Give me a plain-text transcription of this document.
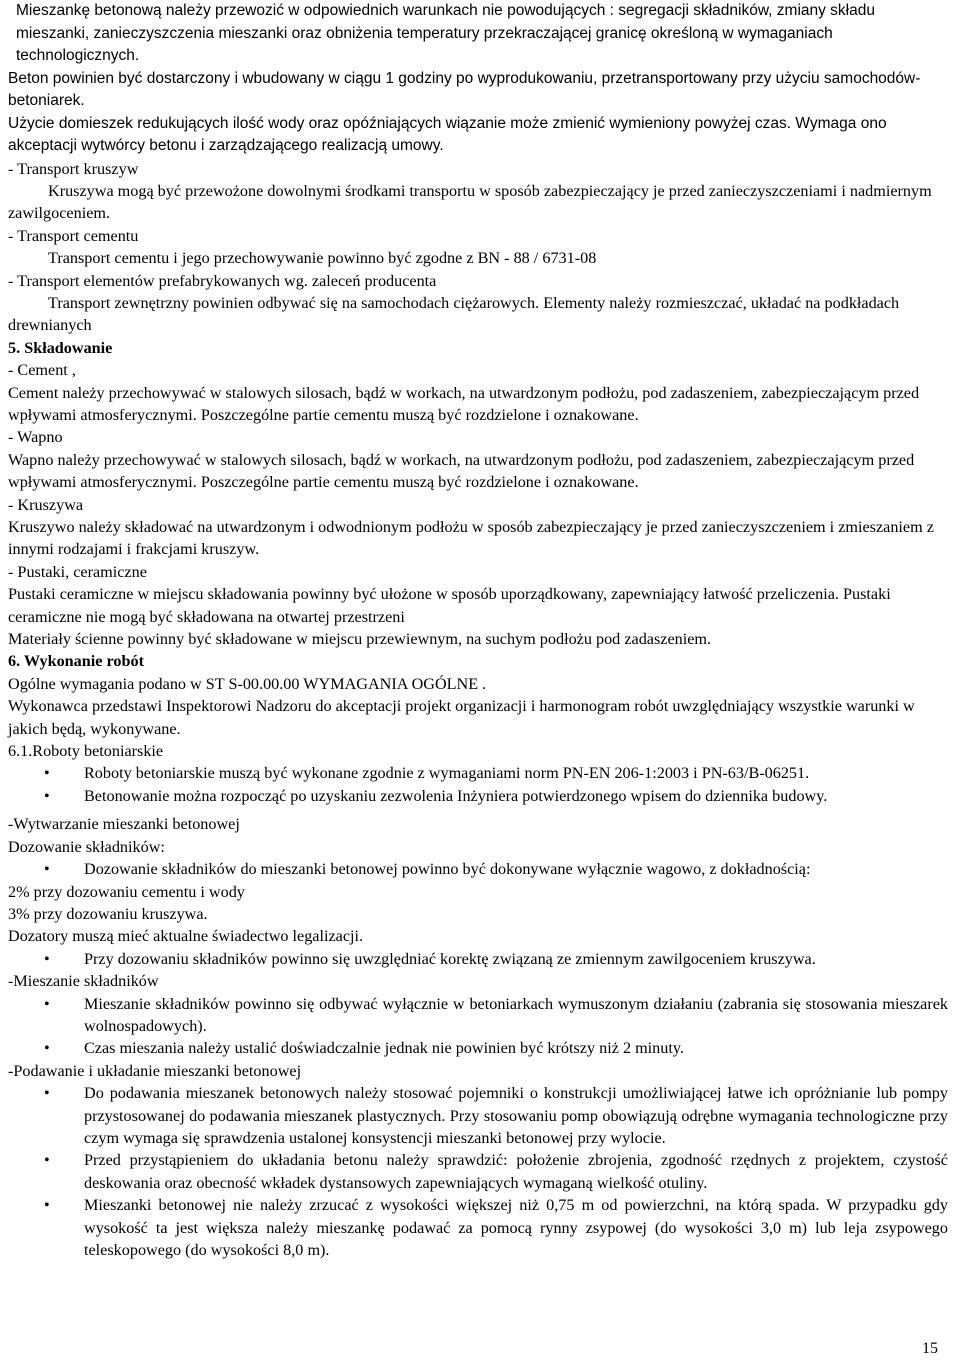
Mieszankę betonową należy przewozić w odpowiednich warunkach nie powodujących : segregacji składników, zmiany składu mieszanki, zanieczyszczenia mieszanki oraz obniżenia temperatury przekraczającej granicę określoną w wymaganiach technologicznych.

Beton powinien być dostarczony i wbudowany w ciągu 1 godziny po wyprodukowaniu, przetransportowany przy użyciu samochodów-betoniarek.

Użycie domieszek redukujących ilość wody oraz opóźniających wiązanie może zmienić wymieniony powyżej czas. Wymaga ono akceptacji wytwórcy betonu i zarządzającego realizacją umowy.

- Transport kruszyw

Kruszywa mogą być przewożone dowolnymi środkami transportu w sposób zabezpieczający je przed zanieczyszczeniami i nadmiernym zawilgoceniem.

- Transport cementu

Transport cementu i jego przechowywanie powinno być zgodne z BN - 88 / 6731-08

- Transport elementów prefabrykowanych wg. zaleceń producenta

Transport zewnętrzny powinien odbywać się na samochodach ciężarowych. Elementy należy rozmieszczać, układać na podkładach drewnianych

5. Składowanie

- Cement ,

Cement należy przechowywać w stalowych silosach, bądź w workach, na utwardzonym podłożu, pod zadaszeniem, zabezpieczającym przed wpływami atmosferycznymi. Poszczególne partie cementu muszą być rozdzielone i oznakowane.

- Wapno

Wapno należy przechowywać w stalowych silosach, bądź w workach, na utwardzonym podłożu, pod zadaszeniem, zabezpieczającym przed wpływami atmosferycznymi. Poszczególne partie cementu muszą być rozdzielone i oznakowane.

- Kruszywa

Kruszywo należy składować na utwardzonym i odwodnionym podłożu w sposób zabezpieczający je przed zanieczyszczeniem i zmieszaniem z innymi rodzajami i frakcjami kruszyw.

- Pustaki, ceramiczne

Pustaki ceramiczne w miejscu składowania powinny być ułożone w sposób uporządkowany, zapewniający łatwość przeliczenia. Pustaki ceramiczne nie mogą być składowana na otwartej przestrzeni

Materiały ścienne powinny być składowane w miejscu przewiewnym, na suchym podłożu pod zadaszeniem.

6. Wykonanie robót

Ogólne wymagania podano w ST S-00.00.00 WYMAGANIA OGÓLNE .

Wykonawca przedstawi Inspektorowi Nadzoru do akceptacji projekt organizacji i harmonogram robót uwzględniający wszystkie warunki w jakich będą, wykonywane.

6.1.Roboty betoniarskie

• Roboty betoniarskie muszą być wykonane zgodnie z wymaganiami norm PN-EN 206-1:2003 i PN-63/B-06251.
• Betonowanie można rozpocząć po uzyskaniu zezwolenia Inżyniera potwierdzonego wpisem do dziennika budowy.

-Wytwarzanie mieszanki betonowej

Dozowanie składników:

• Dozowanie składników do mieszanki betonowej powinno być dokonywane wyłącznie wagowo, z dokładnością:

2% przy dozowaniu cementu i wody

3% przy dozowaniu kruszywa.

Dozatory muszą mieć aktualne świadectwo legalizacji.

• Przy dozowaniu składników powinno się uwzględniać korektę związaną ze zmiennym zawilgoceniem kruszywa.

-Mieszanie składników

• Mieszanie składników powinno się odbywać wyłącznie w betoniarkach wymuszonym działaniu (zabrania się stosowania mieszarek wolnospadowych).
• Czas mieszania należy ustalić doświadczalnie jednak nie powinien być krótszy niż 2 minuty.

-Podawanie i układanie mieszanki betonowej

• Do podawania mieszanek betonowych należy stosować pojemniki o konstrukcji umożliwiającej łatwe ich opróżnianie lub pompy przystosowanej do podawania mieszanek plastycznych. Przy stosowaniu pomp obowiązują odrębne wymagania technologiczne przy czym wymaga się sprawdzenia ustalonej konsystencji mieszanki betonowej przy wylocie.
• Przed przystąpieniem do układania betonu należy sprawdzić: położenie zbrojenia, zgodność rzędnych z projektem, czystość deskowania oraz obecność wkładek dystansowych zapewniających wymaganą wielkość otuliny.
• Mieszanki betonowej nie należy zrzucać z wysokości większej niż 0,75 m od powierzchni, na którą spada. W przypadku gdy wysokość ta jest większa należy mieszankę podawać za pomocą rynny zsypowej (do wysokości 3,0 m) lub leja zsypowego teleskopowego (do wysokości 8,0 m).
15
